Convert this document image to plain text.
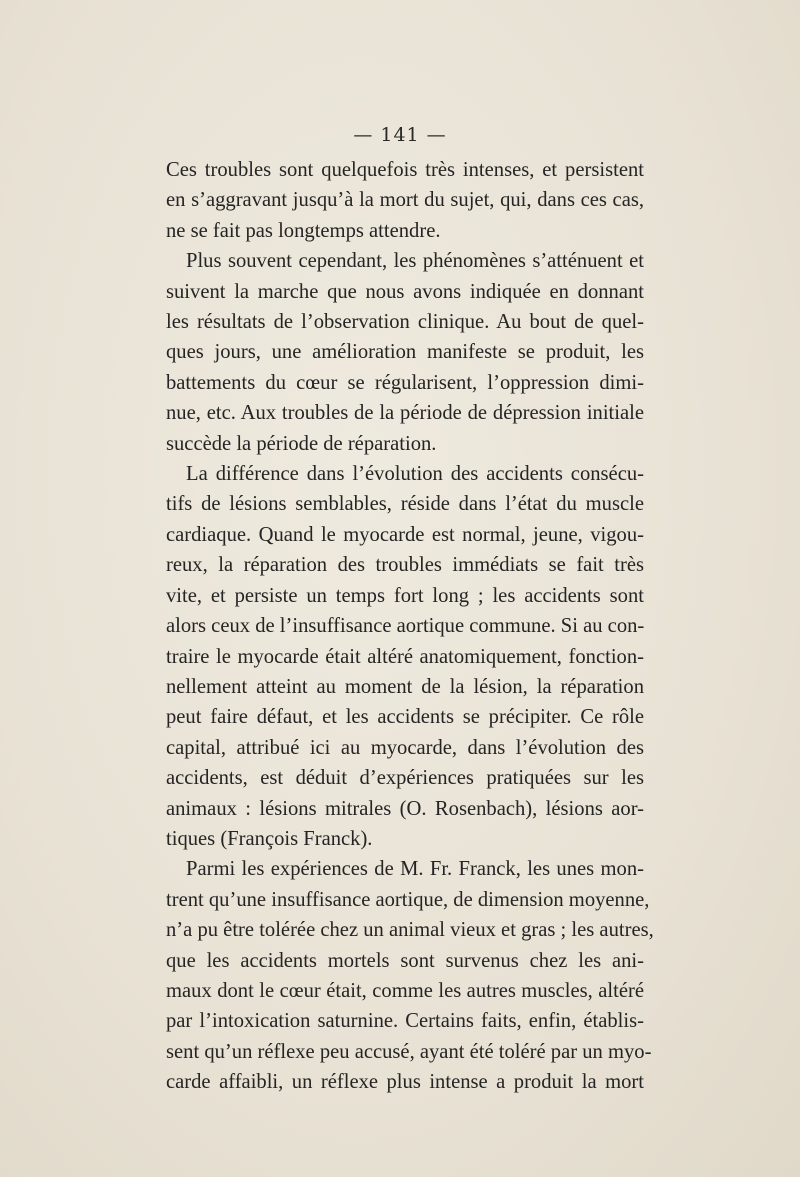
— 141 —

Ces troubles sont quelquefois très intenses, et persistent
en s’aggravant jusqu’à la mort du sujet, qui, dans ces cas,
ne se fait pas longtemps attendre.

Plus souvent cependant, les phénomènes s’atténuent et
suivent la marche que nous avons indiquée en donnant
les résultats de l’observation clinique. Au bout de quel-
ques jours, une amélioration manifeste se produit, les
battements du cœur se régularisent, l’oppression dimi-
nue, etc. Aux troubles de la période de dépression initiale
succède la période de réparation.

La différence dans l’évolution des accidents consécu-
tifs de lésions semblables, réside dans l’état du muscle
cardiaque. Quand le myocarde est normal, jeune, vigou-
reux, la réparation des troubles immédiats se fait très
vite, et persiste un temps fort long ; les accidents sont
alors ceux de l’insuffisance aortique commune. Si au con-
traire le myocarde était altéré anatomiquement, fonction-
nellement atteint au moment de la lésion, la réparation
peut faire défaut, et les accidents se précipiter. Ce rôle
capital, attribué ici au myocarde, dans l’évolution des
accidents, est déduit d’expériences pratiquées sur les
animaux : lésions mitrales (O. Rosenbach), lésions aor-
tiques (François Franck).

Parmi les expériences de M. Fr. Franck, les unes mon-
trent qu’une insuffisance aortique, de dimension moyenne,
n’a pu être tolérée chez un animal vieux et gras ; les autres,
que les accidents mortels sont survenus chez les ani-
maux dont le cœur était, comme les autres muscles, altéré
par l’intoxication saturnine. Certains faits, enfin, établis-
sent qu’un réflexe peu accusé, ayant été toléré par un myo-
carde affaibli, un réflexe plus intense a produit la mort
